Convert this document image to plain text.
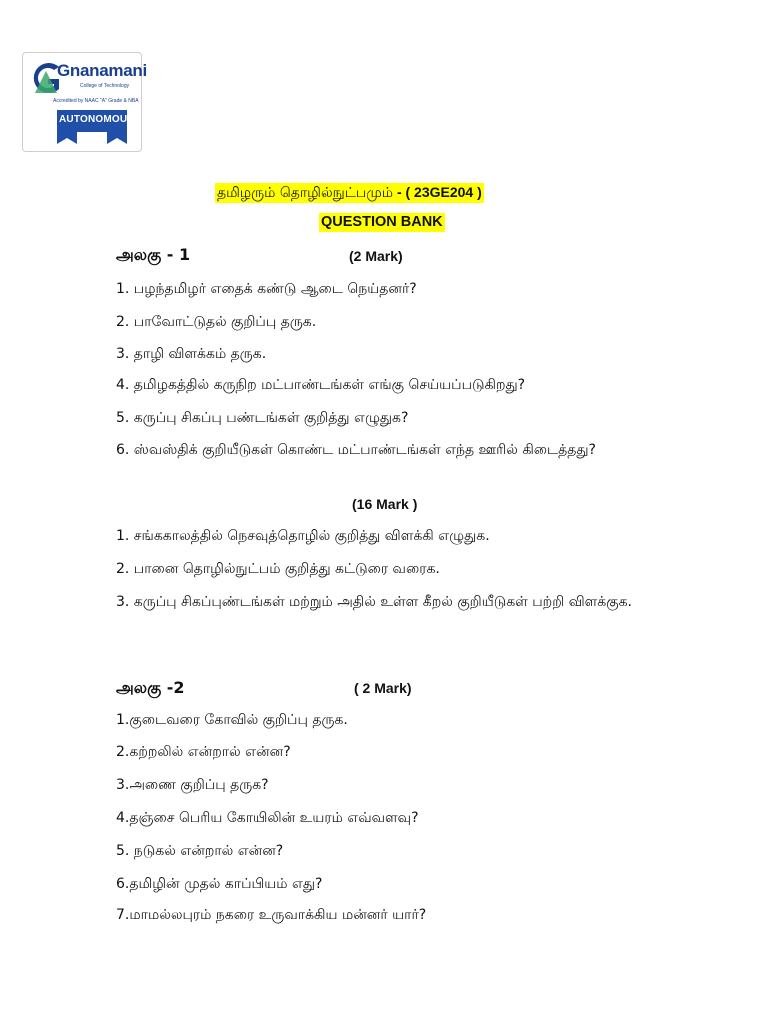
Gnanamani
College of Technology
Accredited by NAAC "A" Grade & NBA
AUTONOMOUS
தமிழரும் தொழில்நுட்பமும் - ( 23GE204 )
QUESTION BANK
அலகு - 1	(2 Mark)
1. பழந்தமிழர் எதைக் கண்டு ஆடை நெய்தனர்?
2. பாவோட்டுதல் குறிப்பு தருக.
3. தாழி விளக்கம் தருக.
4. தமிழகத்தில் கருநிற மட்பாண்டங்கள் எங்கு செய்யப்படுகிறது?
5. கருப்பு சிகப்பு பண்டங்கள் குறித்து எழுதுக?
6. ஸ்வஸ்திக் குறியீடுகள் கொண்ட மட்பாண்டங்கள் எந்த ஊரில் கிடைத்தது?
(16 Mark )
1. சங்ககாலத்தில் நெசவுத்தொழில் குறித்து விளக்கி எழுதுக.
2. பானை தொழில்நுட்பம் குறித்து கட்டுரை வரைக.
3. கருப்பு சிகப்புண்டங்கள் மற்றும் அதில் உள்ள கீறல் குறியீடுகள் பற்றி விளக்குக.
அலகு -2	( 2 Mark)
1.குடைவரை கோவில் குறிப்பு தருக.
2.கற்றலில் என்றால் என்ன?
3.அணை குறிப்பு தருக?
4.தஞ்சை பெரிய கோயிலின் உயரம் எவ்வளவு?
5. நடுகல் என்றால் என்ன?
6.தமிழின் முதல் காப்பியம் எது?
7.மாமல்லபுரம் நகரை உருவாக்கிய மன்னர் யார்?
